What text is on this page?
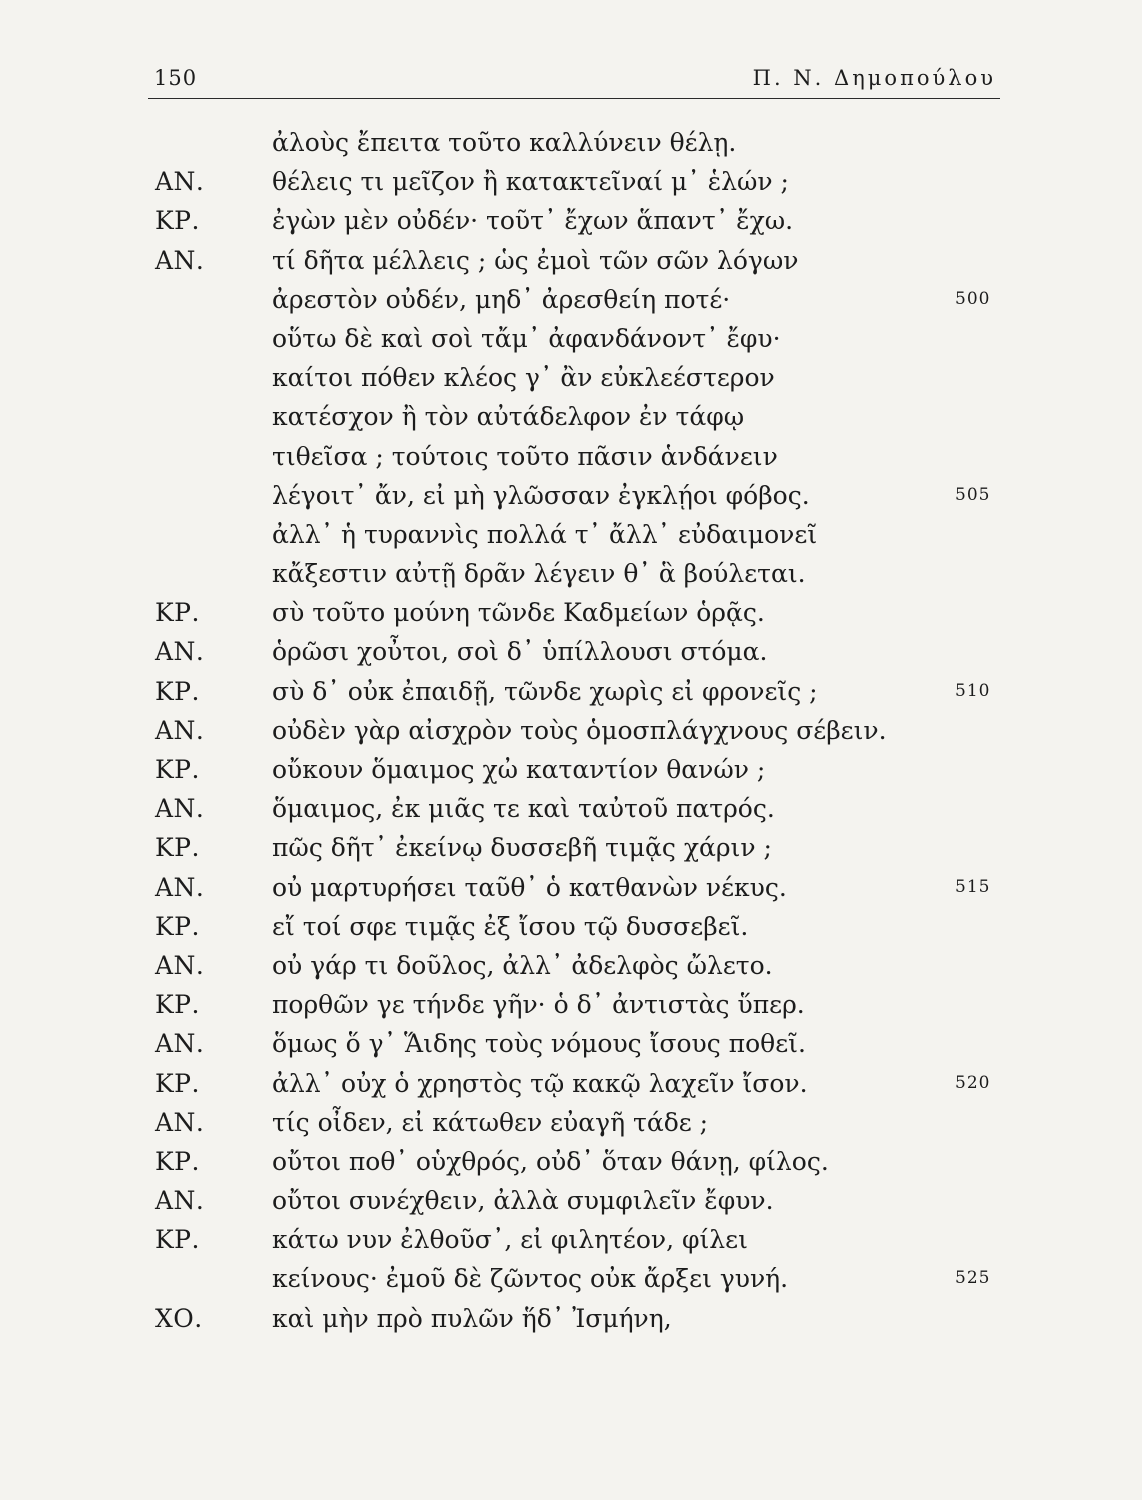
150	Π. Ν. Δημοπούλου
ἀλοὺς ἔπειτα τοῦτο καλλύνειν θέλῃ.
ΑΝ.	θέλεις τι μεῖζον ἢ κατακτεῖναί μ᾽ ἑλών ;
ΚΡ.	ἐγὼν μὲν οὐδέν· τοῦτ᾽ ἔχων ἅπαντ᾽ ἔχω.
ΑΝ.	τί δῆτα μέλλεις ; ὡς ἐμοὶ τῶν σῶν λόγων
ἀρεστὸν οὐδέν, μηδ᾽ ἀρεσθείη ποτέ·	500
οὕτω δὲ καὶ σοὶ τἄμ᾽ ἀφανδάνοντ᾽ ἔφυ·
καίτοι πόθεν κλέος γ᾽ ἂν εὐκλεέστερον
κατέσχον ἢ τὸν αὐτάδελφον ἐν τάφῳ
τιθεῖσα ; τούτοις τοῦτο πᾶσιν ἁνδάνειν
λέγοιτ᾽ ἄν, εἰ μὴ γλῶσσαν ἐγκλῄοι φόβος.	505
ἀλλ᾽ ἡ τυραννὶς πολλά τ᾽ ἄλλ᾽ εὐδαιμονεῖ
κἄξεστιν αὐτῇ δρᾶν λέγειν θ᾽ ἃ βούλεται.
ΚΡ.	σὺ τοῦτο μούνη τῶνδε Καδμείων ὁρᾷς.
ΑΝ.	ὁρῶσι χοὖτοι, σοὶ δ᾽ ὑπίλλουσι στόμα.
ΚΡ.	σὺ δ᾽ οὐκ ἐπαιδῇ, τῶνδε χωρὶς εἰ φρονεῖς ;	510
ΑΝ.	οὐδὲν γὰρ αἰσχρὸν τοὺς ὁμοσπλάγχνους σέβειν.
ΚΡ.	οὔκουν ὅμαιμος χὠ καταντίον θανών ;
ΑΝ.	ὅμαιμος, ἐκ μιᾶς τε καὶ ταὐτοῦ πατρός.
ΚΡ.	πῶς δῆτ᾽ ἐκείνῳ δυσσεβῆ τιμᾷς χάριν ;
ΑΝ.	οὐ μαρτυρήσει ταῦθ᾽ ὁ κατθανὼν νέκυς.	515
ΚΡ.	εἴ τοί σφε τιμᾷς ἐξ ἴσου τῷ δυσσεβεῖ.
ΑΝ.	οὐ γάρ τι δοῦλος, ἀλλ᾽ ἀδελφὸς ὤλετο.
ΚΡ.	πορθῶν γε τήνδε γῆν· ὁ δ᾽ ἀντιστὰς ὕπερ.
ΑΝ.	ὅμως ὅ γ᾽ Ἅιδης τοὺς νόμους ἴσους ποθεῖ.
ΚΡ.	ἀλλ᾽ οὐχ ὁ χρηστὸς τῷ κακῷ λαχεῖν ἴσον.	520
ΑΝ.	τίς οἶδεν, εἰ κάτωθεν εὐαγῆ τάδε ;
ΚΡ.	οὔτοι ποθ᾽ οὑχθρός, οὐδ᾽ ὅταν θάνῃ, φίλος.
ΑΝ.	οὔτοι συνέχθειν, ἀλλὰ συμφιλεῖν ἔφυν.
ΚΡ.	κάτω νυν ἐλθοῦσ᾽, εἰ φιλητέον, φίλει
κείνους· ἐμοῦ δὲ ζῶντος οὐκ ἄρξει γυνή.	525
ΧΟ.	καὶ μὴν πρὸ πυλῶν ἥδ᾽ Ἰσμήνη,
